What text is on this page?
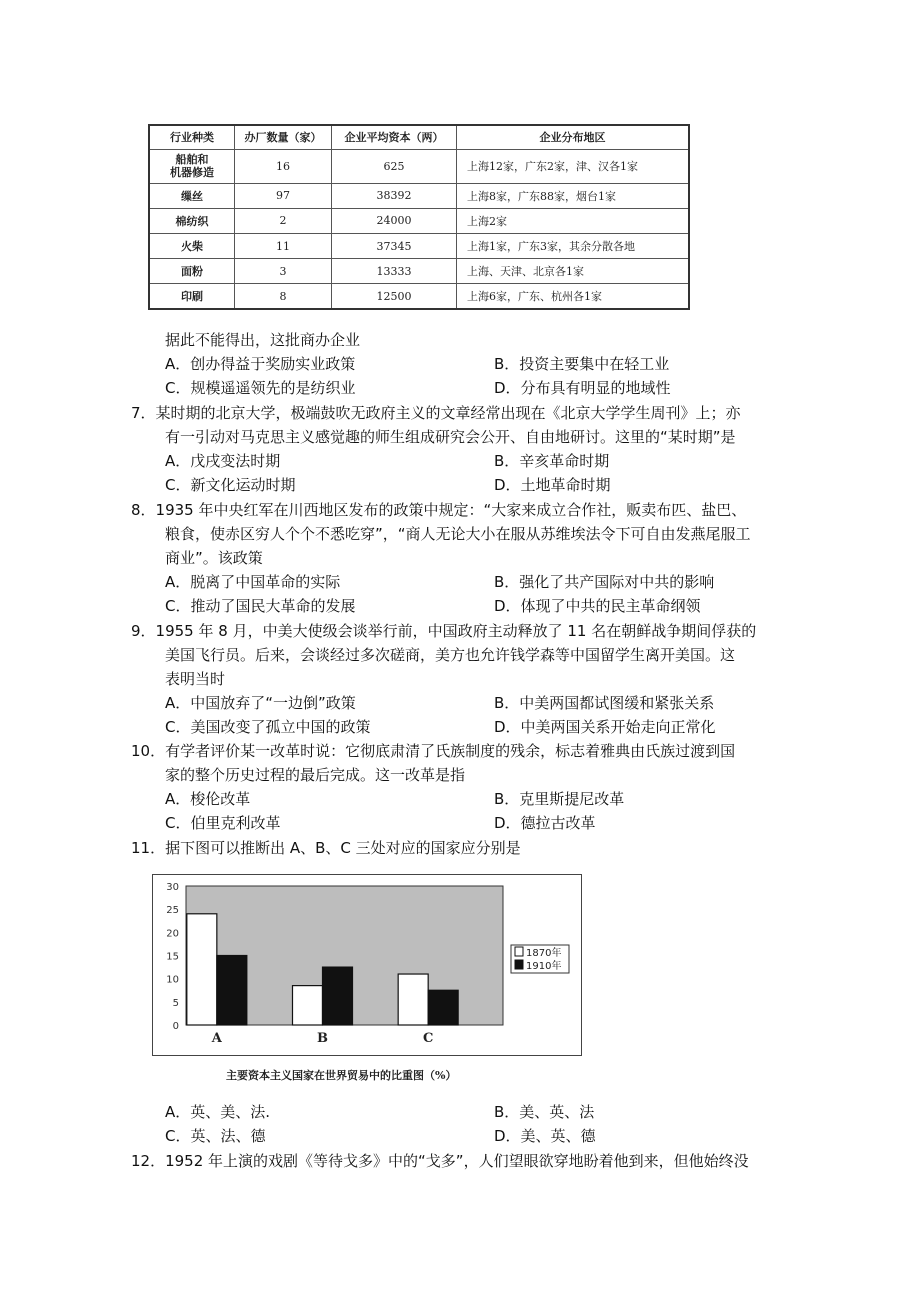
行业种类	办厂数量（家）	企业平均资本（两）	企业分布地区
船舶和
机器修造	16	625	上海12家，广东2家，津、汉各1家
缫丝	97	38392	上海8家，广东88家，烟台1家
棉纺织	2	24000	上海2家
火柴	11	37345	上海1家，广东3家，其余分散各地
面粉	3	13333	上海、天津、北京各1家
印刷	8	12500	上海6家，广东、杭州各1家
据此不能得出，这批商办企业
A．创办得益于奖励实业政策	B．投资主要集中在轻工业
C．规模遥遥领先的是纺织业	D．分布具有明显的地域性
7．某时期的北京大学，极端鼓吹无政府主义的文章经常出现在《北京大学学生周刊》上；亦
有一引动对马克思主义感觉趣的师生组成研究会公开、自由地研讨。这里的“某时期”是
A．戊戌变法时期	B．辛亥革命时期
C．新文化运动时期	D．土地革命时期
8．1935 年中央红军在川西地区发布的政策中规定：“大家来成立合作社，贩卖布匹、盐巴、
粮食，使赤区穷人个个不悉吃穿”，“商人无论大小在服从苏维埃法令下可自由发燕尾服工
商业”。该政策
A．脱离了中国革命的实际	B．强化了共产国际对中共的影响
C．推动了国民大革命的发展	D．体现了中共的民主革命纲领
9．1955 年 8 月，中美大使级会谈举行前，中国政府主动释放了 11 名在朝鲜战争期间俘获的
美国飞行员。后来，会谈经过多次磋商，美方也允许钱学森等中国留学生离开美国。这
表明当时
A．中国放弃了“一边倒”政策	B．中美两国都试图缓和紧张关系
C．美国改变了孤立中国的政策	D．中美两国关系开始走向正常化
10．有学者评价某一改革时说：它彻底肃清了氏族制度的残余，标志着雅典由氏族过渡到国
家的整个历史过程的最后完成。这一改革是指
A．梭伦改革	B．克里斯提尼改革
C．伯里克利改革	D．德拉古改革
11．据下图可以推断出 A、B、C 三处对应的国家应分别是
0
5
10
15
20
25
30
A	B	C
1870年
1910年
主要资本主义国家在世界贸易中的比重图（%）
A．英、美、法.	B．美、英、法
C．英、法、德	D．美、英、德
12．1952 年上演的戏剧《等待戈多》中的“戈多”，人们望眼欲穿地盼着他到来，但他始终没
